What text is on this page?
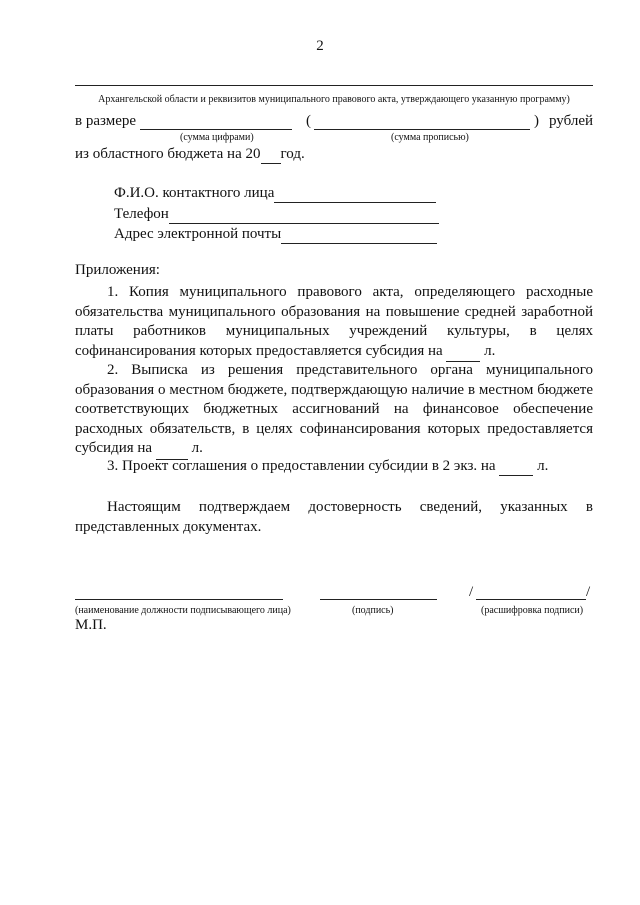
2
Архангельской области и реквизитов муниципального правового акта, утверждающего указанную программу)
в размере	(	) рублей
(сумма цифрами)	(сумма прописью)
из областного бюджета на 20 год.
Ф.И.О. контактного лица
Телефон
Адрес электронной почты
Приложения:
1. Копия муниципального правового акта, определяющего расходные обязательства муниципального образования на повышение средней заработной платы работников муниципальных учреждений культуры, в целях софинансирования которых предоставляется субсидия на	л.
2. Выписка из решения представительного органа муниципального образования о местном бюджете, подтверждающую наличие в местном бюджете соответствующих бюджетных ассигнований на финансовое обеспечение расходных обязательств, в целях софинансирования которых предоставляется субсидия на	л.
3. Проект соглашения о предоставлении субсидии в 2 экз. на	л.
Настоящим подтверждаем достоверность сведений, указанных в представленных документах.
/	/
(наименование должности подписывающего лица)	(подпись)	(расшифровка подписи)
М.П.
